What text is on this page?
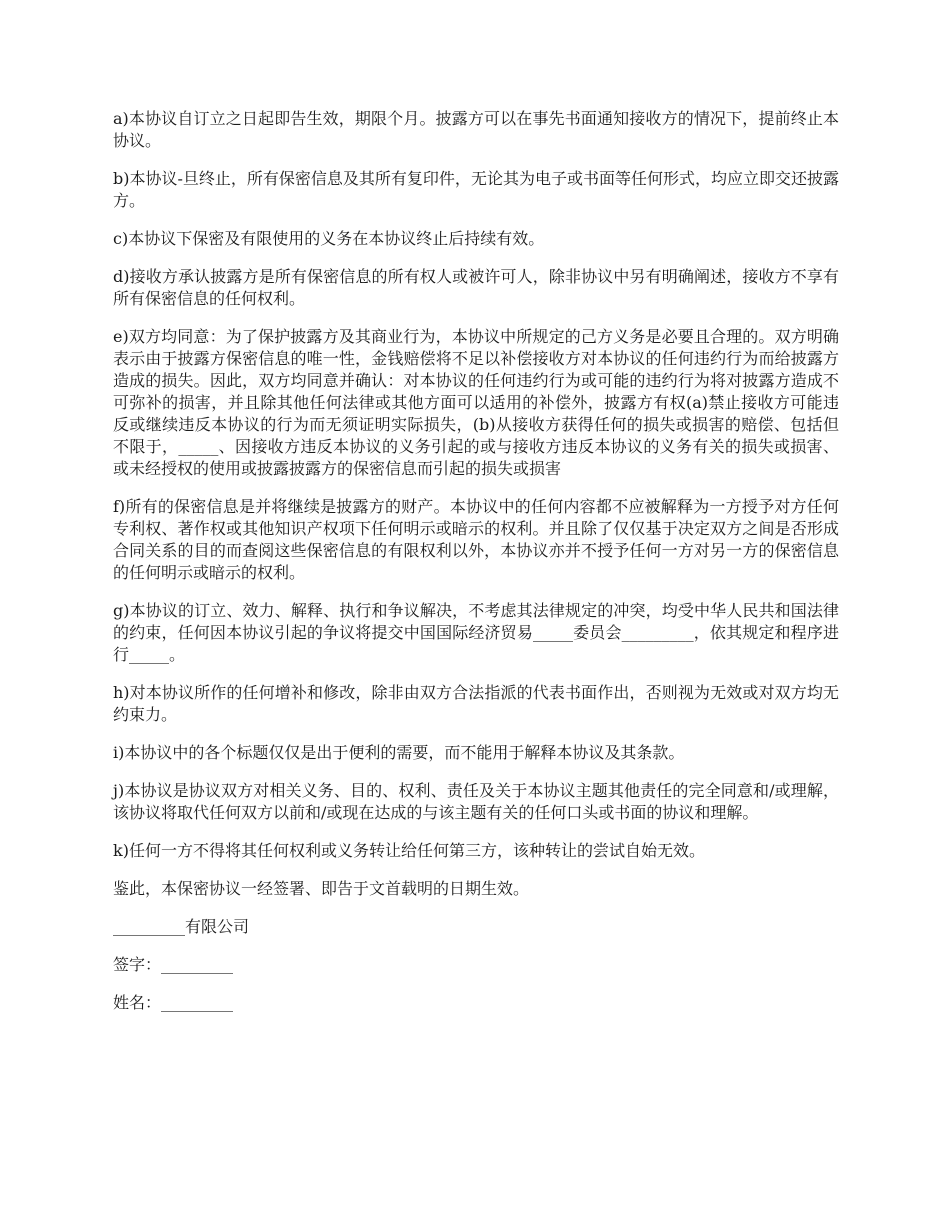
a)本协议自订立之日起即告生效，期限个月。披露方可以在事先书面通知接收方的情况下，提前终止本协议。

b)本协议-旦终止，所有保密信息及其所有复印件，无论其为电子或书面等任何形式，均应立即交还披露方。

c)本协议下保密及有限使用的义务在本协议终止后持续有效。

d)接收方承认披露方是所有保密信息的所有权人或被许可人，除非协议中另有明确阐述，接收方不享有所有保密信息的任何权利。

e)双方均同意：为了保护披露方及其商业行为，本协议中所规定的己方义务是必要且合理的。双方明确表示由于披露方保密信息的唯一性，金钱赔偿将不足以补偿接收方对本协议的任何违约行为而给披露方造成的损失。因此，双方均同意并确认：对本协议的任何违约行为或可能的违约行为将对披露方造成不可弥补的损害，并且除其他任何法律或其他方面可以适用的补偿外，披露方有权(a)禁止接收方可能违反或继续违反本协议的行为而无须证明实际损失，(b)从接收方获得任何的损失或损害的赔偿、包括但不限于，_____、因接收方违反本协议的义务引起的或与接收方违反本协议的义务有关的损失或损害、或未经授权的使用或披露披露方的保密信息而引起的损失或损害

f)所有的保密信息是并将继续是披露方的财产。本协议中的任何内容都不应被解释为一方授予对方任何专利权、著作权或其他知识产权项下任何明示或暗示的权利。并且除了仅仅基于决定双方之间是否形成合同关系的目的而查阅这些保密信息的有限权利以外，本协议亦并不授予任何一方对另一方的保密信息的任何明示或暗示的权利。

g)本协议的订立、效力、解释、执行和争议解决，不考虑其法律规定的冲突，均受中华人民共和国法律的约束，任何因本协议引起的争议将提交中国国际经济贸易_____委员会_________，依其规定和程序进行_____。

h)对本协议所作的任何增补和修改，除非由双方合法指派的代表书面作出，否则视为无效或对双方均无约束力。

i)本协议中的各个标题仅仅是出于便利的需要，而不能用于解释本协议及其条款。

j)本协议是协议双方对相关义务、目的、权利、责任及关于本协议主题其他责任的完全同意和/或理解，该协议将取代任何双方以前和/或现在达成的与该主题有关的任何口头或书面的协议和理解。

k)任何一方不得将其任何权利或义务转让给任何第三方，该种转让的尝试自始无效。

鉴此，本保密协议一经签署、即告于文首载明的日期生效。

_________有限公司

签字：_________

姓名：_________
